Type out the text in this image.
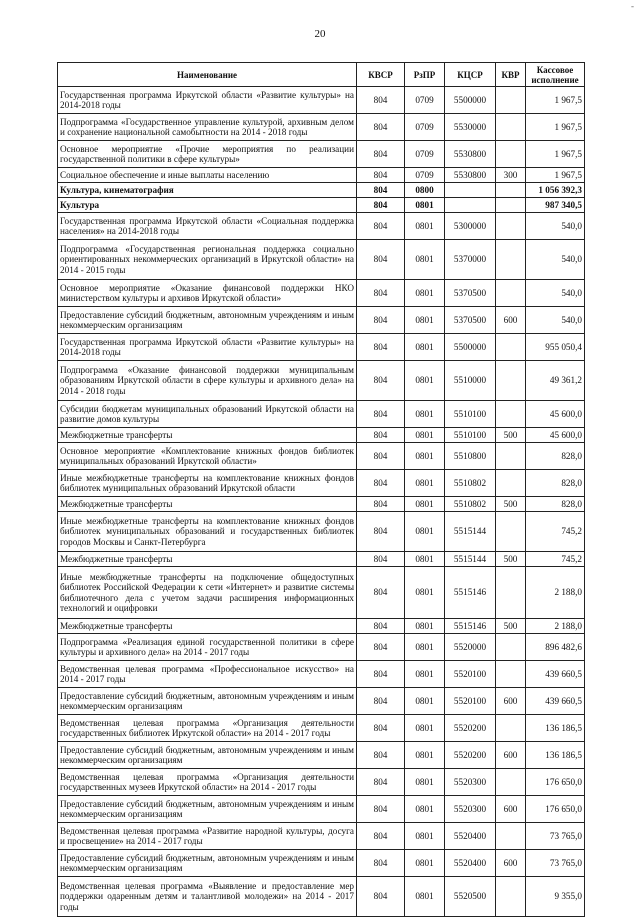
-
20
Наименование	КВСР	РзПР	КЦСР	КВР	Кассовое исполнение
Государственная программа Иркутской области «Развитие культуры» на 2014-2018 годы	804	0709	5500000		1 967,5
Подпрограмма «Государственное управление культурой, архивным делом и сохранение национальной самобытности на 2014 - 2018 годы	804	0709	5530000		1 967,5
Основное мероприятие «Прочие мероприятия по реализации государственной политики в сфере культуры»	804	0709	5530800		1 967,5
Социальное обеспечение и иные выплаты населению	804	0709	5530800	300	1 967,5
Культура, кинематография	804	0800			1 056 392,3
Культура	804	0801			987 340,5
Государственная программа Иркутской области «Социальная поддержка населения» на 2014-2018 годы	804	0801	5300000		540,0
Подпрограмма «Государственная региональная поддержка социально ориентированных некоммерческих организаций в Иркутской области» на 2014 - 2015 годы	804	0801	5370000		540,0
Основное мероприятие «Оказание финансовой поддержки НКО министерством культуры и архивов Иркутской области»	804	0801	5370500		540,0
Предоставление субсидий бюджетным, автономным учреждениям и иным некоммерческим организациям	804	0801	5370500	600	540,0
Государственная программа Иркутской области «Развитие культуры» на 2014-2018 годы	804	0801	5500000		955 050,4
Подпрограмма «Оказание финансовой поддержки муниципальным образованиям Иркутской области в сфере культуры и архивного дела» на 2014 - 2018 годы	804	0801	5510000		49 361,2
Субсидии бюджетам муниципальных образований Иркутской области на развитие домов культуры	804	0801	5510100		45 600,0
Межбюджетные трансферты	804	0801	5510100	500	45 600,0
Основное мероприятие «Комплектование книжных фондов библиотек муниципальных образований Иркутской области»	804	0801	5510800		828,0
Иные межбюджетные трансферты на комплектование книжных фондов библиотек муниципальных образований Иркутской области	804	0801	5510802		828,0
Межбюджетные трансферты	804	0801	5510802	500	828,0
Иные межбюджетные трансферты на комплектование книжных фондов библиотек муниципальных образований и государственных библиотек городов Москвы и Санкт-Петербурга	804	0801	5515144		745,2
Межбюджетные трансферты	804	0801	5515144	500	745,2
Иные межбюджетные трансферты на подключение общедоступных библиотек Российской Федерации к сети «Интернет» и развитие системы библиотечного дела с учетом задачи расширения информационных технологий и оцифровки	804	0801	5515146		2 188,0
Межбюджетные трансферты	804	0801	5515146	500	2 188,0
Подпрограмма «Реализация единой государственной политики в сфере культуры и архивного дела» на 2014 - 2017 годы	804	0801	5520000		896 482,6
Ведомственная целевая программа «Профессиональное искусство» на 2014 - 2017 годы	804	0801	5520100		439 660,5
Предоставление субсидий бюджетным, автономным учреждениям и иным некоммерческим организациям	804	0801	5520100	600	439 660,5
Ведомственная целевая программа «Организация деятельности государственных библиотек Иркутской области» на 2014 - 2017 годы	804	0801	5520200		136 186,5
Предоставление субсидий бюджетным, автономным учреждениям и иным некоммерческим организациям	804	0801	5520200	600	136 186,5
Ведомственная целевая программа «Организация деятельности государственных музеев Иркутской области» на 2014 - 2017 годы	804	0801	5520300		176 650,0
Предоставление субсидий бюджетным, автономным учреждениям и иным некоммерческим организациям	804	0801	5520300	600	176 650,0
Ведомственная целевая программа «Развитие народной культуры, досуга и просвещение» на 2014 - 2017 годы	804	0801	5520400		73 765,0
Предоставление субсидий бюджетным, автономным учреждениям и иным некоммерческим организациям	804	0801	5520400	600	73 765,0
Ведомственная целевая программа «Выявление и предоставление мер поддержки одаренным детям и талантливой молодежи» на 2014 - 2017 годы	804	0801	5520500		9 355,0
